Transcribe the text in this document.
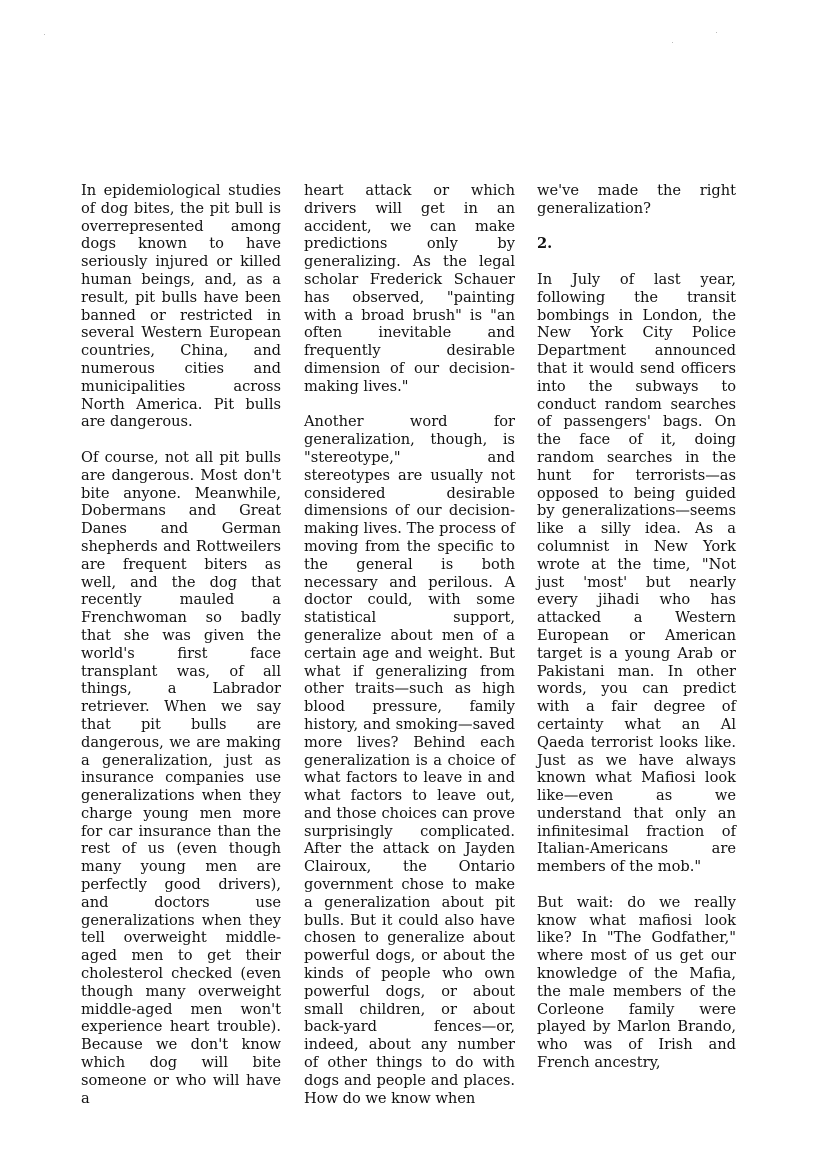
In epidemiological studies of dog bites, the pit bull is overrepresented among dogs known to have seriously injured or killed human beings, and, as a result, pit bulls have been banned or restricted in several Western European countries, China, and numerous cities and municipalities across North America. Pit bulls are dangerous.

Of course, not all pit bulls are dangerous. Most don't bite anyone. Meanwhile, Dobermans and Great Danes and German shepherds and Rottweilers are frequent biters as well, and the dog that recently mauled a Frenchwoman so badly that she was given the world's first face transplant was, of all things, a Labrador retriever. When we say that pit bulls are dangerous, we are making a generalization, just as insurance companies use generalizations when they charge young men more for car insurance than the rest of us (even though many young men are perfectly good drivers), and doctors use generalizations when they tell overweight middle-aged men to get their cholesterol checked (even though many overweight middle-aged men won't experience heart trouble). Because we don't know which dog will bite someone or who will have a

heart attack or which drivers will get in an accident, we can make predictions only by generalizing. As the legal scholar Frederick Schauer has observed, "painting with a broad brush" is "an often inevitable and frequently desirable dimension of our decision-making lives."

Another word for generalization, though, is "stereotype," and stereotypes are usually not considered desirable dimensions of our decision-making lives. The process of moving from the specific to the general is both necessary and perilous. A doctor could, with some statistical support, generalize about men of a certain age and weight. But what if generalizing from other traits—such as high blood pressure, family history, and smoking—saved more lives? Behind each generalization is a choice of what factors to leave in and what factors to leave out, and those choices can prove surprisingly complicated. After the attack on Jayden Clairoux, the Ontario government chose to make a generalization about pit bulls. But it could also have chosen to generalize about powerful dogs, or about the kinds of people who own powerful dogs, or about small children, or about back-yard fences—or, indeed, about any number of other things to do with dogs and people and places. How do we know when

we've made the right generalization?

2.

In July of last year, following the transit bombings in London, the New York City Police Department announced that it would send officers into the subways to conduct random searches of passengers' bags. On the face of it, doing random searches in the hunt for terrorists—as opposed to being guided by generalizations—seems like a silly idea. As a columnist in New York wrote at the time, "Not just 'most' but nearly every jihadi who has attacked a Western European or American target is a young Arab or Pakistani man. In other words, you can predict with a fair degree of certainty what an Al Qaeda terrorist looks like. Just as we have always known what Mafiosi look like—even as we understand that only an infinitesimal fraction of Italian-Americans are members of the mob."

But wait: do we really know what mafiosi look like? In "The Godfather," where most of us get our knowledge of the Mafia, the male members of the Corleone family were played by Marlon Brando, who was of Irish and French ancestry,
